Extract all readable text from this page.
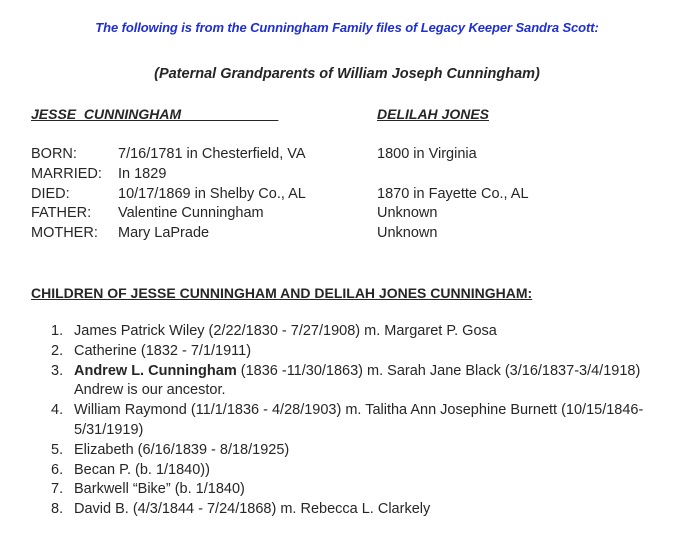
The following is from the Cunningham Family files of Legacy Keeper Sandra Scott:
(Paternal Grandparents of William Joseph Cunningham)
JESSE  CUNNINGHAM	DELILAH JONES
BORN:	7/16/1781 in Chesterfield, VA	1800 in Virginia
MARRIED: In 1829
DIED:	10/17/1869 in Shelby Co., AL	1870 in Fayette Co., AL
FATHER: Valentine Cunningham	Unknown
MOTHER: Mary LaPrade	Unknown
CHILDREN OF JESSE CUNNINGHAM AND DELILAH JONES CUNNINGHAM:
1. James Patrick Wiley (2/22/1830 - 7/27/1908) m. Margaret P. Gosa
2. Catherine (1832 - 7/1/1911)
3. Andrew L. Cunningham (1836 -11/30/1863) m. Sarah Jane Black (3/16/1837-3/4/1918) Andrew is our ancestor.
4. William Raymond (11/1/1836 - 4/28/1903) m. Talitha Ann Josephine Burnett (10/15/1846-5/31/1919)
5. Elizabeth (6/16/1839 - 8/18/1925)
6. Becan P. (b. 1/1840))
7. Barkwell “Bike” (b. 1/1840)
8. David B. (4/3/1844 - 7/24/1868) m. Rebecca L. Clarkely
